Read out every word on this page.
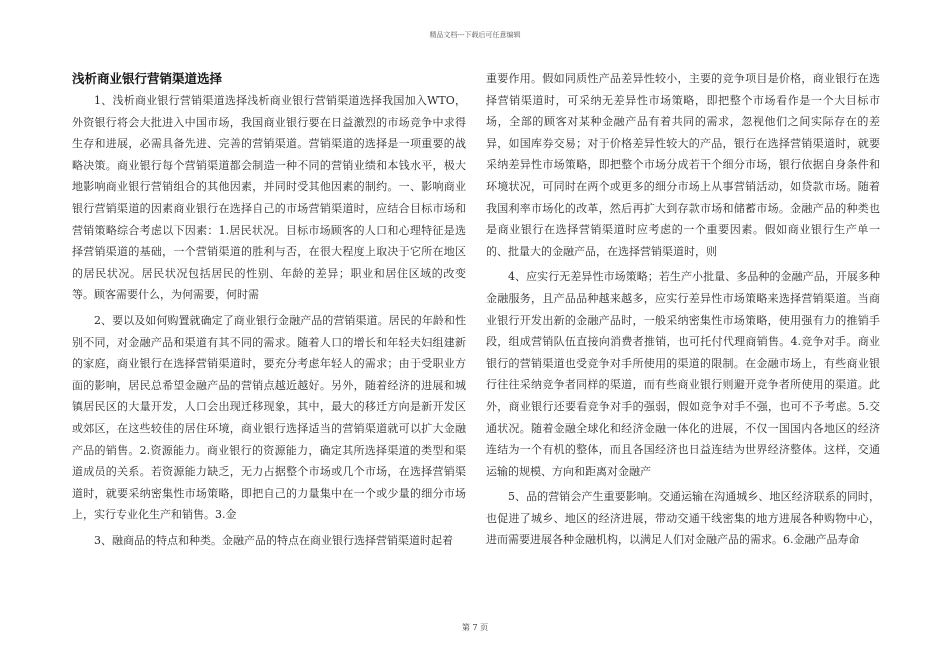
精品文档---下载后可任意编辑
浅析商业银行营销渠道选择

1、浅析商业银行营销渠道选择浅析商业银行营销渠道选择我国加入WTO，外资银行将会大批进入中国市场，我国商业银行要在日益激烈的市场竞争中求得生存和进展，必需具备先进、完善的营销渠道。营销渠道的选择是一项重要的战略决策。商业银行每个营销渠道都会制造一种不同的营销业绩和本钱水平，极大地影响商业银行营销组合的其他因素，并同时受其他因素的制约。一、影响商业银行营销渠道的因素商业银行在选择自己的市场营销渠道时，应结合目标市场和营销策略综合考虑以下因素：1.居民状况。目标市场顾客的人口和心理特征是选择营销渠道的基础，一个营销渠道的胜利与否，在很大程度上取决于它所在地区的居民状况。居民状况包括居民的性别、年龄的差异；职业和居住区域的改变等。顾客需要什么，为何需要，何时需

2、要以及如何购置就确定了商业银行金融产品的营销渠道。居民的年龄和性别不同，对金融产品和渠道有其不同的需求。随着人口的增长和年轻夫妇组建新的家庭，商业银行在选择营销渠道时，要充分考虑年轻人的需求；由于受职业方面的影响，居民总希望金融产品的营销点越近越好。另外，随着经济的进展和城镇居民区的大量开发，人口会出现迁移现象，其中，最大的移迁方向是新开发区或郊区，在这些较佳的居住环境，商业银行选择适当的营销渠道就可以扩大金融产品的销售。2.资源能力。商业银行的资源能力，确定其所选择渠道的类型和渠道成员的关系。若资源能力缺乏，无力占据整个市场或几个市场，在选择营销渠道时，就要采纳密集性市场策略，即把自己的力量集中在一个或少量的细分市场上，实行专业化生产和销售。3.金

3、融商品的特点和种类。金融产品的特点在商业银行选择营销渠道时起着

重要作用。假如同质性产品差异性较小，主要的竞争项目是价格，商业银行在选择营销渠道时，可采纳无差异性市场策略，即把整个市场看作是一个大目标市场，全部的顾客对某种金融产品有着共同的需求，忽视他们之间实际存在的差异，如国库券交易；对于价格差异性较大的产品，银行在选择营销渠道时，就要采纳差异性市场策略，即把整个市场分成若干个细分市场，银行依据自身条件和环境状况，可同时在两个或更多的细分市场上从事营销活动，如贷款市场。随着我国利率市场化的改革，然后再扩大到存款市场和储蓄市场。金融产品的种类也是商业银行在选择营销渠道时应考虑的一个重要因素。假如商业银行生产单一的、批量大的金融产品，在选择营销渠道时，则

4、应实行无差异性市场策略；若生产小批量、多品种的金融产品，开展多种金融服务，且产品品种越来越多，应实行差异性市场策略来选择营销渠道。当商业银行开发出新的金融产品时，一般采纳密集性市场策略，使用强有力的推销手段，组成营销队伍直接向消费者推销，也可托付代理商销售。4.竞争对手。商业银行的营销渠道也受竞争对手所使用的渠道的限制。在金融市场上，有些商业银行往往采纳竞争者同样的渠道，而有些商业银行则避开竞争者所使用的渠道。此外，商业银行还要看竞争对手的强弱，假如竞争对手不强，也可不予考虑。5.交通状况。随着金融全球化和经济金融一体化的进展，不仅一国国内各地区的经济连结为一个有机的整体，而且各国经济也日益连结为世界经济整体。这样，交通运输的规模、方向和距离对金融产

5、品的营销会产生重要影响。交通运输在沟通城乡、地区经济联系的同时，也促进了城乡、地区的经济进展，带动交通干线密集的地方进展各种购物中心，进而需要进展各种金融机构，以满足人们对金融产品的需求。6.金融产品寿命

第 7 页
